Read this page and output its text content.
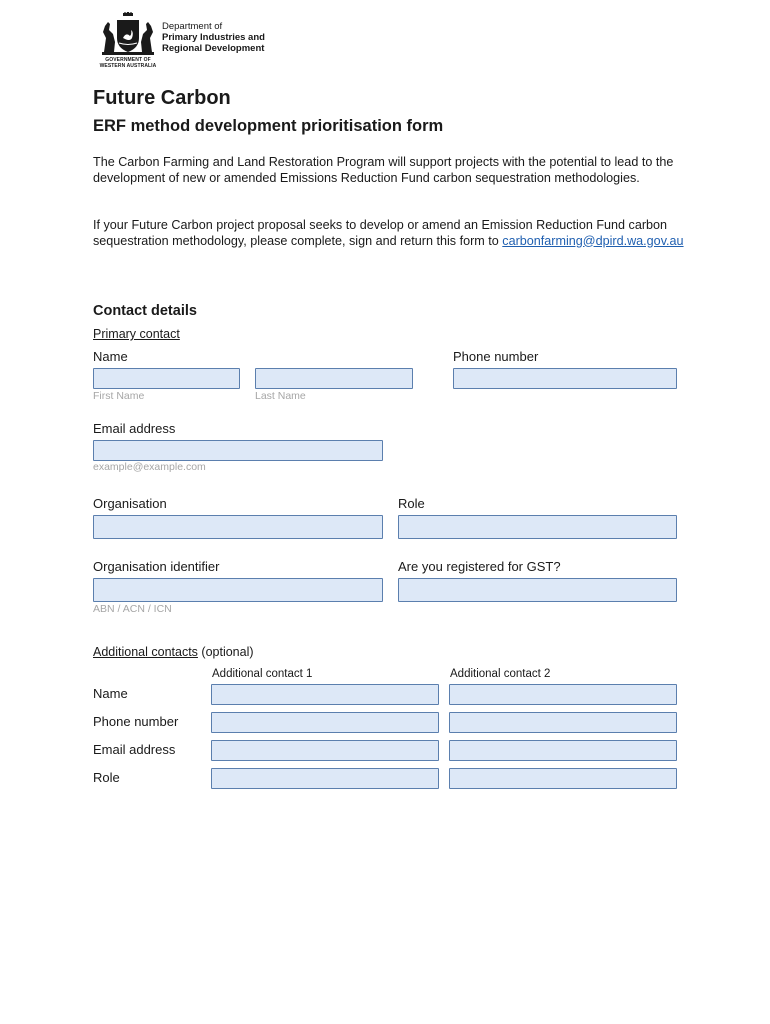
GOVERNMENT OF
WESTERN AUSTRALIA
Department of
Primary Industries and
Regional Development
Future Carbon
ERF method development prioritisation form

The Carbon Farming and Land Restoration Program will support projects with the potential to lead to the development of new or amended Emissions Reduction Fund carbon sequestration methodologies.

If your Future Carbon project proposal seeks to develop or amend an Emission Reduction Fund carbon sequestration methodology, please complete, sign and return this form to carbonfarming@dpird.wa.gov.au

Contact details
Primary contact
Name	Phone number
First Name	Last Name
Email address
example@example.com
Organisation	Role
Organisation identifier	Are you registered for GST?
ABN / ACN / ICN
Additional contacts (optional)
Additional contact 1	Additional contact 2
Name
Phone number
Email address
Role
